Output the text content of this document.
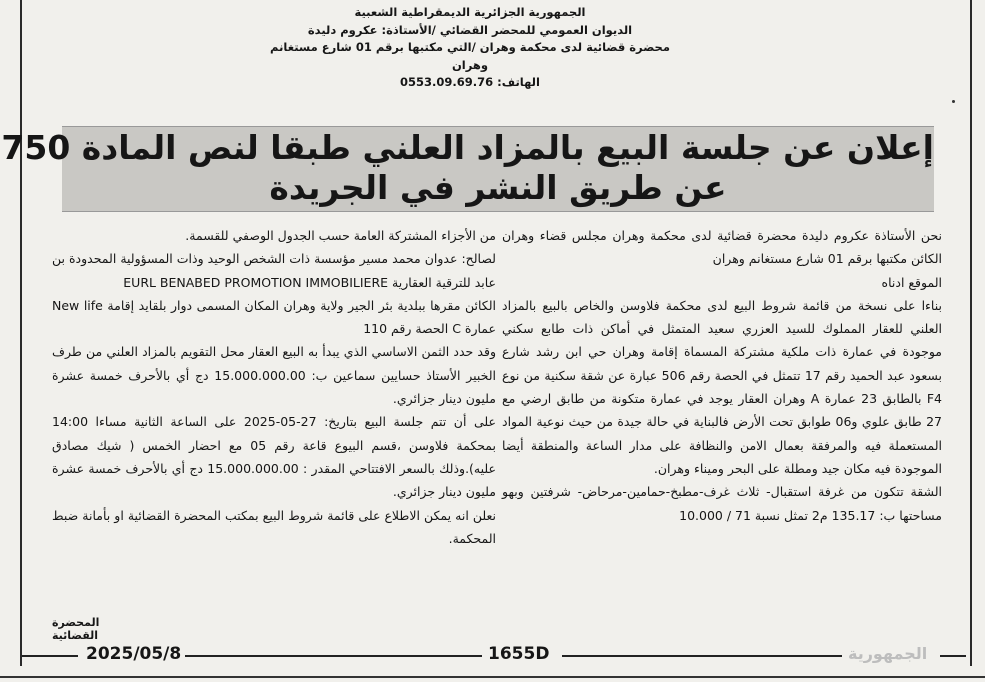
الجمهورية الجزائرية الديمقراطية الشعبية
الديوان العمومي للمحضر القضائي /الأستاذة: عكروم دليدة
محضرة قضائية لدى محكمة وهران /التي مكتبها برقم 01 شارع مستغانم
وهران
الهاتف: 0553.09.69.76
إعلان عن جلسة البيع بالمزاد العلني طبقا لنص المادة 750
عن طريق النشر في الجريدة

نحن الأستاذة عكروم دليدة محضرة قضائية لدى محكمة وهران مجلس قضاء وهران الكائن مكتبها برقم 01 شارع مستغانم وهران

الموقع ادناه

بناءا على نسخة من قائمة شروط البيع لدى محكمة فلاوسن والخاص بالبيع بالمزاد العلني للعقار المملوك للسيد العزري سعيد المتمثل في أماكن ذات طابع سكني موجودة في عمارة ذات ملكية مشتركة المسماة إقامة وهران حي ابن رشد شارع بسعود عبد الحميد رقم 17 تتمثل في الحصة رقم 506 عبارة عن شقة سكنية من نوع F4 بالطابق 23 عمارة A وهران العقار يوجد في عمارة متكونة من طابق ارضي مع 27 طابق علوي و06 طوابق تحت الأرض فالبناية في حالة جيدة من حيث نوعية المواد المستعملة فيه والمرفقة بعمال الامن والنظافة على مدار الساعة والمنطقة أيضا الموجودة فيه مكان جيد ومطلة على البحر وميناء وهران.

الشقة تتكون من غرفة استقبال- ثلاث غرف-مطبخ-حمامين-مرحاض- شرفتين وبهو مساحتها ب: 135.17 م2 تمثل نسبة 71 / 10.000

من الأجزاء المشتركة العامة حسب الجدول الوصفي للقسمة.

لصالح: عدوان محمد مسير مؤسسة ذات الشخص الوحيد وذات المسؤولية المحدودة بن عابد للترقية العقارية EURL BENABED PROMOTION IMMOBILIERE

الكائن مقرها ببلدية بئر الجير ولاية وهران المكان المسمى دوار بلقايد إقامة New life عمارة C الحصة رقم 110

وقد حدد الثمن الاساسي الذي يبدأ به البيع العقار محل التقويم بالمزاد العلني من طرف الخبير الأستاذ حسايين سماعين ب: 15.000.000.00 دج أي بالأحرف خمسة عشرة مليون دينار جزائري.

على أن تتم جلسة البيع بتاريخ: 27-05-2025 على الساعة الثانية مساءا 14:00 بمحكمة فلاوسن ،قسم البيوع قاعة رقم 05 مع احضار الخمس ( شيك مصادق عليه).وذلك بالسعر الافتتاحي المقدر : 15.000.000.00 دج أي بالأحرف خمسة عشرة مليون دينار جزائري.

نعلن انه يمكن الاطلاع على قائمة شروط البيع بمكتب المحضرة القضائية او بأمانة ضبط المحكمة.

المحضرة القضائية
2025/05/8	1655D	الجمهورية
